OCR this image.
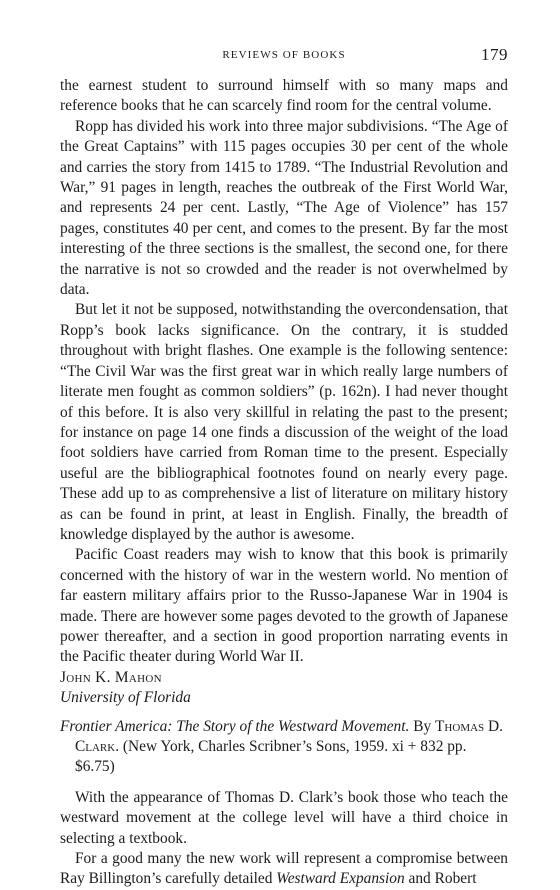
REVIEWS OF BOOKS	179

the earnest student to surround himself with so many maps and reference books that he can scarcely find room for the central volume.

Ropp has divided his work into three major subdivisions. “The Age of the Great Captains” with 115 pages occupies 30 per cent of the whole and carries the story from 1415 to 1789. “The Industrial Revolution and War,” 91 pages in length, reaches the outbreak of the First World War, and represents 24 per cent. Lastly, “The Age of Violence” has 157 pages, constitutes 40 per cent, and comes to the present. By far the most interesting of the three sections is the smallest, the second one, for there the narrative is not so crowded and the reader is not overwhelmed by data.

But let it not be supposed, notwithstanding the overcondensation, that Ropp’s book lacks significance. On the contrary, it is studded throughout with bright flashes. One example is the following sentence: “The Civil War was the first great war in which really large numbers of literate men fought as common soldiers” (p. 162n). I had never thought of this before. It is also very skillful in relating the past to the present; for instance on page 14 one finds a discussion of the weight of the load foot soldiers have carried from Roman time to the present. Especially useful are the bibliographical footnotes found on nearly every page. These add up to as comprehensive a list of literature on military history as can be found in print, at least in English. Finally, the breadth of knowledge displayed by the author is awesome.

Pacific Coast readers may wish to know that this book is primarily concerned with the history of war in the western world. No mention of far eastern military affairs prior to the Russo-Japanese War in 1904 is made. There are however some pages devoted to the growth of Japanese power thereafter, and a section in good proportion narrating events in the Pacific theater during World War II.

John K. Mahon

University of Florida

Frontier America: The Story of the Westward Movement. By Thomas D. Clark. (New York, Charles Scribner’s Sons, 1959. xi + 832 pp. $6.75)

With the appearance of Thomas D. Clark’s book those who teach the westward movement at the college level will have a third choice in selecting a textbook.

For a good many the new work will represent a compromise between Ray Billington’s carefully detailed Westward Expansion and Robert
